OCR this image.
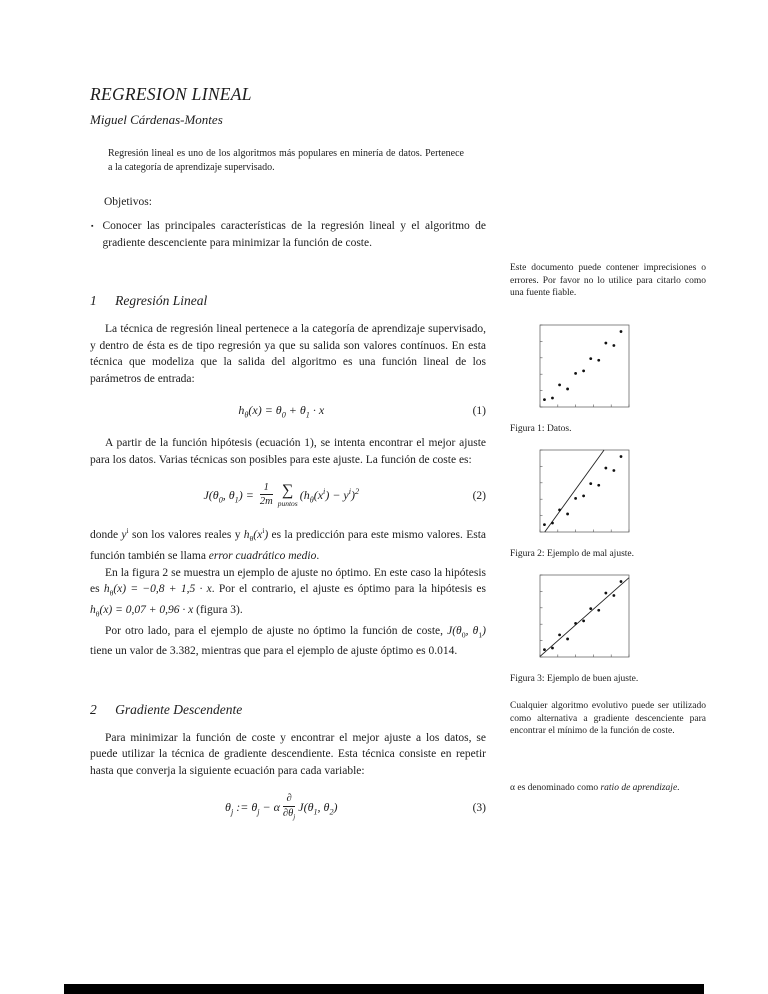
REGRESION LINEAL
Miguel Cárdenas-Montes

Regresión lineal es uno de los algoritmos más populares en minería de datos. Pertenece a la categoría de aprendizaje supervisado.

Objetivos:
▪ Conocer las principales características de la regresión lineal y el algoritmo de gradiente descenciente para minimizar la función de coste.
1 Regresión Lineal

La técnica de regresión lineal pertenece a la categoría de aprendizaje supervisado, y dentro de ésta es de tipo regresión ya que su salida son valores contínuos. En esta técnica que modeliza que la salida del algoritmo es una función lineal de los parámetros de entrada:

$h_\theta(x) = \theta_0 + \theta_1 \cdot x$	(1)

A partir de la función hipótesis (ecuación 1), se intenta encontrar el mejor ajuste para los datos. Varias técnicas son posibles para este ajuste. La función de coste es:

$J(\theta_0$, $\theta_1) = \frac{1}{2m}$ ∑
puntos
$(h_\theta(x^i) - y^i)^2$	(2)

donde $y^i$ son los valores reales y $h_\theta(x^i)$ es la predicción para este mismo valores. Esta función también se llama error cuadrático medio.

En la figura 2 se muestra un ejemplo de ajuste no óptimo. En este caso la hipótesis es $h_\theta(x) = -0,8 + 1,5 \cdot x$. Por el contrario, el ajuste es óptimo para la hipótesis es $h_\theta(x) = 0,07 + 0,96 \cdot x$ (figura 3).

Por otro lado, para el ejemplo de ajuste no óptimo la función de coste, $J(\theta_0$, $\theta_1$) tiene un valor de 3.382, mientras que para el ejemplo de ajuste óptimo es 0.014.

2 Gradiente Descendente

Para minimizar la función de coste y encontrar el mejor ajuste a los datos, se puede utilizar la técnica de gradiente descendiente. Esta técnica consiste en repetir hasta que converja la siguiente ecuación para cada variable:

$\theta_j$ := $\theta_j - \alpha \frac{\partial}{\partial\theta_j} J(\theta_1$, $\theta_2$)	(3)
Este documento puede contener imprecisiones o errores. Por favor no lo utilice para citarlo como una fuente fiable.
Figura 1: Datos.
Figura 2: Ejemplo de mal ajuste.
Figura 3: Ejemplo de buen ajuste.
Cualquier algoritmo evolutivo puede ser utilizado como alternativa a gradiente descenciente para encontrar el mínimo de la función de coste.
α es denominado como ratio de aprendizaje.
